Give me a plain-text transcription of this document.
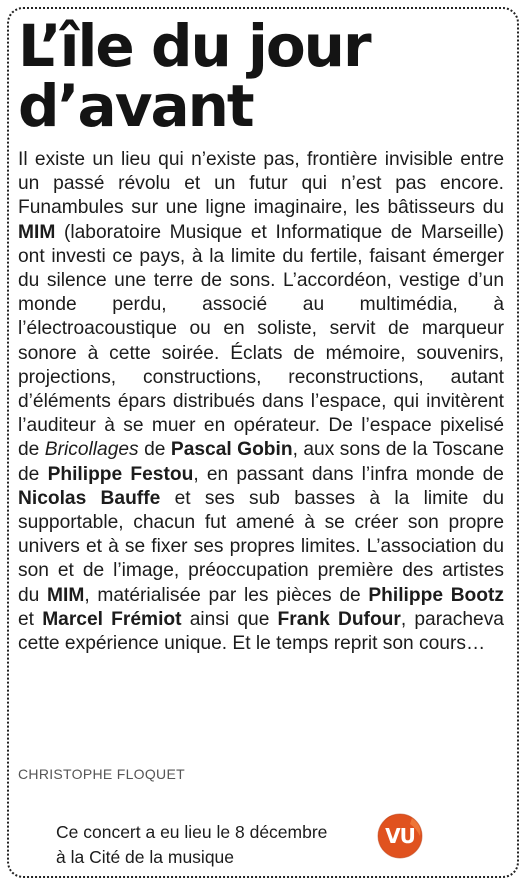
L’île du jour
d’avant

Il existe un lieu qui n’existe pas, frontière invisible entre un passé révolu et un futur qui n’est pas encore. Funambules sur une ligne imaginaire, les bâtisseurs du MIM (laboratoire Musique et Informatique de Marseille) ont investi ce pays, à la limite du fertile, faisant émerger du silence une terre de sons. L’accordéon, vestige d’un monde perdu, associé au multimédia, à l’électroacoustique ou en soliste, servit de marqueur sonore à cette soirée. Éclats de mémoire, souvenirs, projections, constructions, reconstructions, autant d’éléments épars distribués dans l’espace, qui invitèrent l’auditeur à se muer en opérateur. De l’espace pixelisé de Bricollages de Pascal Gobin, aux sons de la Toscane de Philippe Festou, en passant dans l’infra monde de Nicolas Bauffe et ses sub basses à la limite du supportable, chacun fut amené à se créer son propre univers et à se fixer ses propres limites. L’association du son et de l’image, préoccupation première des artistes du MIM, matérialisée par les pièces de Philippe Bootz et Marcel Frémiot ainsi que Frank Dufour, paracheva cette expérience unique. Et le temps reprit son cours…

CHRISTOPHE FLOQUET
Ce concert a eu lieu le 8 décembre
à la Cité de la musique
VU
